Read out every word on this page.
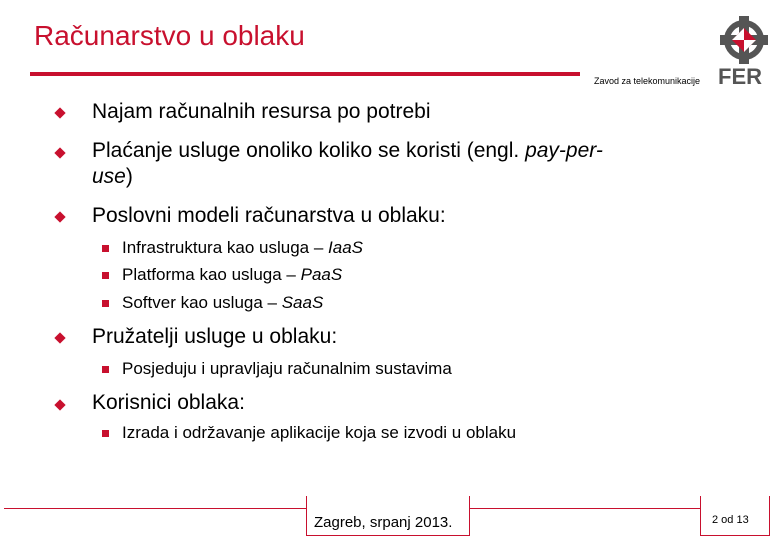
Računarstvo u oblaku
Zavod za telekomunikacije FER
Najam računalnih resursa po potrebi
Plaćanje usluge onoliko koliko se koristi (engl. pay-per-
use)
Poslovni modeli računarstva u oblaku:
Infrastruktura kao usluga – IaaS
Platforma kao usluga – PaaS
Softver kao usluga – SaaS
Pružatelji usluge u oblaku:
Posjeduju i upravljaju računalnim sustavima
Korisnici oblaka:
Izrada i održavanje aplikacije koja se izvodi u oblaku
Zagreb, srpanj 2013.	2 od 13
